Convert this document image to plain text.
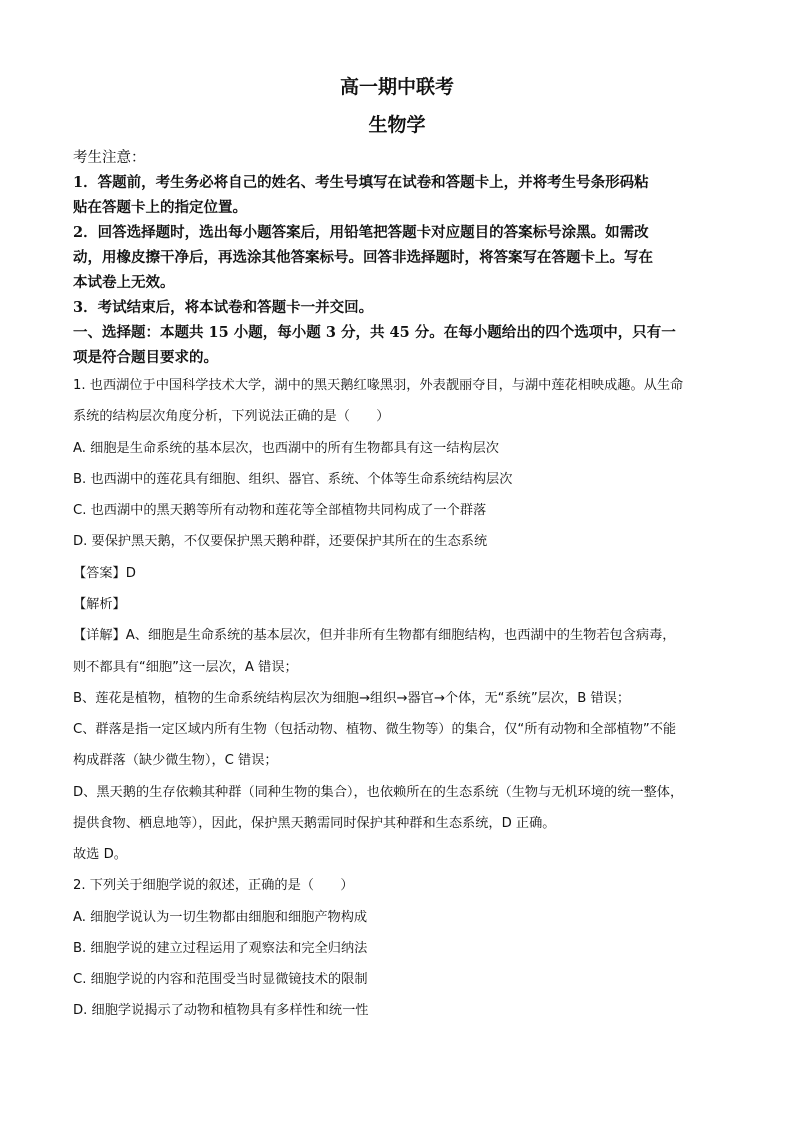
高一期中联考
生物学
考生注意：
1．答题前，考生务必将自己的姓名、考生号填写在试卷和答题卡上，并将考生号条形码粘
贴在答题卡上的指定位置。
2．回答选择题时，选出每小题答案后，用铅笔把答题卡对应题目的答案标号涂黑。如需改
动，用橡皮擦干净后，再选涂其他答案标号。回答非选择题时，将答案写在答题卡上。写在
本试卷上无效。
3．考试结束后，将本试卷和答题卡一并交回。
一、选择题：本题共 15 小题，每小题 3 分，共 45 分。在每小题给出的四个选项中，只有一
项是符合题目要求的。
1. 也西湖位于中国科学技术大学，湖中的黑天鹅红喙黑羽，外表靓丽夺目，与湖中莲花相映成趣。从生命
系统的结构层次角度分析，下列说法正确的是（　　）
A. 细胞是生命系统的基本层次，也西湖中的所有生物都具有这一结构层次
B. 也西湖中的莲花具有细胞、组织、器官、系统、个体等生命系统结构层次
C. 也西湖中的黑天鹅等所有动物和莲花等全部植物共同构成了一个群落
D. 要保护黑天鹅，不仅要保护黑天鹅种群，还要保护其所在的生态系统
【答案】D
【解析】
【详解】A、细胞是生命系统的基本层次，但并非所有生物都有细胞结构，也西湖中的生物若包含病毒，
则不都具有“细胞”这一层次，A 错误；
B、莲花是植物，植物的生命系统结构层次为细胞→组织→器官→个体，无“系统”层次，B 错误；
C、群落是指一定区域内所有生物（包括动物、植物、微生物等）的集合，仅“所有动物和全部植物”不能
构成群落（缺少微生物），C 错误；
D、黑天鹅的生存依赖其种群（同种生物的集合），也依赖所在的生态系统（生物与无机环境的统一整体，
提供食物、栖息地等），因此，保护黑天鹅需同时保护其种群和生态系统，D 正确。
故选 D。
2. 下列关于细胞学说的叙述，正确的是（　　）
A. 细胞学说认为一切生物都由细胞和细胞产物构成
B. 细胞学说的建立过程运用了观察法和完全归纳法
C. 细胞学说的内容和范围受当时显微镜技术的限制
D. 细胞学说揭示了动物和植物具有多样性和统一性
